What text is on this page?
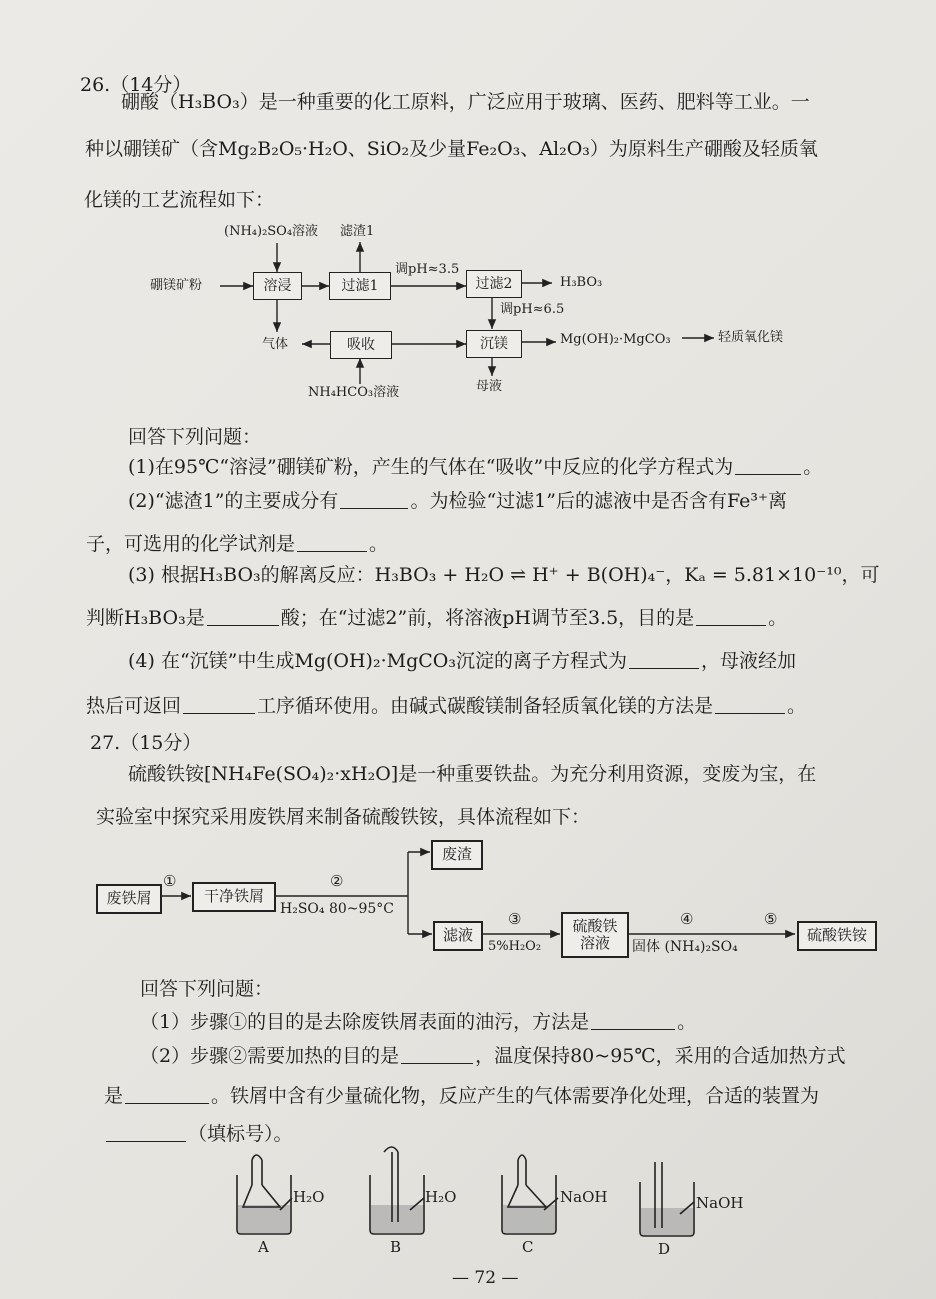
26.（14分）
硼酸（H₃BO₃）是一种重要的化工原料，广泛应用于玻璃、医药、肥料等工业。一
种以硼镁矿（含Mg₂B₂O₅·H₂O、SiO₂及少量Fe₂O₃、Al₂O₃）为原料生产硼酸及轻质氧
化镁的工艺流程如下：
(NH₄)₂SO₄溶液 滤渣1
硼镁矿粉	溶浸	过滤1
调pH≈3.5
过滤2	H₃BO₃
调pH≈6.5
气体	吸收	沉镁	Mg(OH)₂·MgCO₃	轻质氧化镁
NH₄HCO₃溶液	母液
回答下列问题：
(1)在95℃“溶浸”硼镁矿粉，产生的气体在“吸收”中反应的化学方程式为	。
(2)“滤渣1”的主要成分有	。为检验“过滤1”后的滤液中是否含有Fe³⁺离
子，可选用的化学试剂是	。
(3) 根据H₃BO₃的解离反应：H₃BO₃ + H₂O ⇌ H⁺ + B(OH)₄⁻，Kₐ = 5.81×10⁻¹⁰，可
判断H₃BO₃是	酸；在“过滤2”前，将溶液pH调节至3.5，目的是	。
(4) 在“沉镁”中生成Mg(OH)₂·MgCO₃沉淀的离子方程式为	，母液经加
热后可返回	工序循环使用。由碱式碳酸镁制备轻质氧化镁的方法是	。
27.（15分）
硫酸铁铵[NH₄Fe(SO₄)₂·xH₂O]是一种重要铁盐。为充分利用资源，变废为宝，在
实验室中探究采用废铁屑来制备硫酸铁铵，具体流程如下：
废铁屑
①
干净铁屑
②
H₂SO₄ 80~95°C
废渣
滤液
③
5%H₂O₂
硫酸铁
溶液
④
固体 (NH₄)₂SO₄
⑤
硫酸铁铵
回答下列问题：
（1）步骤①的目的是去除废铁屑表面的油污，方法是	。
（2）步骤②需要加热的目的是	，温度保持80~95℃，采用的合适加热方式
是	。铁屑中含有少量硫化物，反应产生的气体需要净化处理，合适的装置为
（填标号）。
H₂O
A
H₂O
B
NaOH
C
NaOH
D
— 72 —
